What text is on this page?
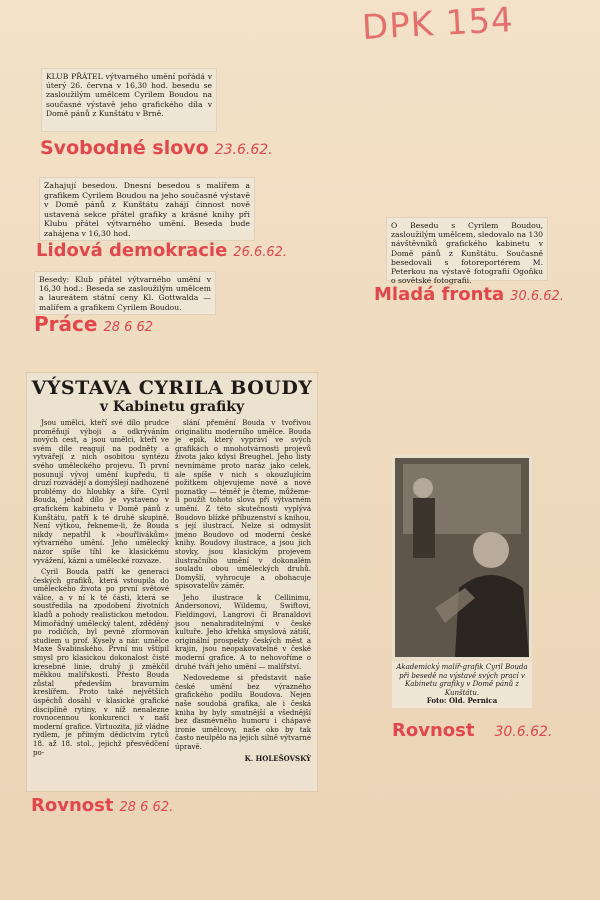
DPK 154

KLUB PŘÁTEL výtvarného umění pořádá v úterý 26. června v 16,30 hod. besedu se zasloužilým umělcem Cyrilem Boudou na současné výstavě jeho grafického díla v Domě pánů z Kunštátu v Brně.

Svobodné slovo 23.6.62.

Zahajují besedou. Dnesní besedou s malířem a grafikem Cyrilem Boudou na jeho současné výstavě v Domě pánů z Kunštátu zahájí činnost nově ustavená sekce přátel grafiky a krásné knihy při Klubu přátel výtvarného umění. Beseda bude zahájena v 16,30 hod.

Lidová demokracie 26.6.62.

Besedy: Klub přátel výtvarného umění v 16,30 hod.: Beseda se zasloužilým umělcem a laureátem státní ceny Kl. Gottwalda — malířem a grafikem Cyrilem Boudou.

Práce 28 6 62

O Besedu s Cyrilem Boudou, zasloužilým umělcem, sledovalo na 130 návštěvníků grafického kabinetu v Domě pánů z Kunštátu. Současně besedovali s fotoreportérem M. Peterkou na výstavě fotografií Ogoňku o sovětské fotografii.

Mladá fronta 30.6.62.
VÝSTAVA CYRILA BOUDY
v Kabinetu grafiky

Jsou umělci, kteří své dílo prudce proměňují výboji a odkrýváním nových cest, a jsou umělci, kteří ve svém díle reagují na podněty a vytvářejí z nich osobitou syntézu svého uměleckého projevu. Ti první posunují vývoj umění kupředu, ti druzí rozvádějí a domýšlejí nadhozené problémy do hloubky a šíře. Cyril Bouda, jehož dílo je vystaveno v grafickém kabinetu v Domě pánů z Kunštátu, patří k té druhé skupině. Není výtkou, řekneme-li, že Bouda nikdy nepatřil k »bouřlivákům« výtvarného umění. Jeho umělecký názor spíše tíhl ke klasickému vyvážení, kázni a umělecké rozvaze.

Cyril Bouda patří ke generaci českých grafiků, která vstoupila do uměleckého života po první světové válce, a v ní k té části, která se soustředila na zpodobení životních kladů a pohody realistickou metodou. Mimořádný umělecký talent, zděděný po rodičích, byl pevně zformován studiem u prof. Kysely a nár. umělce Maxe Švabinského. První mu vštípil smysl pro klasickou dokonalost čisté kresebné linie, druhý ji změkčil měkkou malířskostí. Přesto Bouda zůstal především bravurním kreslířem. Proto také největších úspěchů dosáhl v klasické grafické disciplíně rytiny, v níž nenalezne rovnocennou konkurenci v naší moderní grafice. Virtuozita, již vládne rydlem, je přímým dědictvím rytců 18. až 18. stol., jejichž přesvědčení po-

slání přemění Bouda v tvořivou originalitu moderního umělce. Bouda je epik, který vypráví ve svých grafikách o mnohotvárnosti projevů života jako kdysi Breughel. Jeho listy nevnímáme proto naráz jako celek, ale spíše v nich s okouzlujícím požitkem objevujeme nové a nové poznatky — téměř je čteme, můžeme-li použít tohoto slova při výtvarném umění. Z této skutečnosti vyplývá Boudovo blízké příbuzenství s knihou, s její ilustrací. Nelze si odmyslit jméno Boudovo od moderní české knihy. Boudovy ilustrace, a jsou jich stovky, jsou klasickým projevem ilustračního umění v dokonalém souladu obou uměleckých druhů. Domyšlí, vyhrocuje a obohacuje spisovatelův záměr.

Jeho ilustrace k Cellinimu, Andersonovi, Wildemu, Swiftovi, Fieldingovi, Langrovi či Branaldovi jsou nenahraditelnými v české kultuře. Jeho křehká smyslová zátiší, originální prospekty českých měst a krajin, jsou neopakovatelné v české moderní grafice. A to nehovoříme o druhé tváři jeho umění — malířství.

Nedovedeme si představit naše české umění bez výrazného grafického podílu Boudova. Nejen naše soudobá grafika, ale i česká kniha by byly smutnější a všednější bez ďasmévného humoru i chápavé ironie umělcovy, naše oko by tak často neulpělo na jejich silně výtvarné úpravě.

K. HOLEŠOVSKÝ
Rovnost 28 6 62.
Akademický malíř-grafik Cyril Bouda při besedě na výstavě svých prací v Kabinetu grafiky v Domě pánů z Kunštátu.
Foto: Old. Pernica
Rovnost 30.6.62.
